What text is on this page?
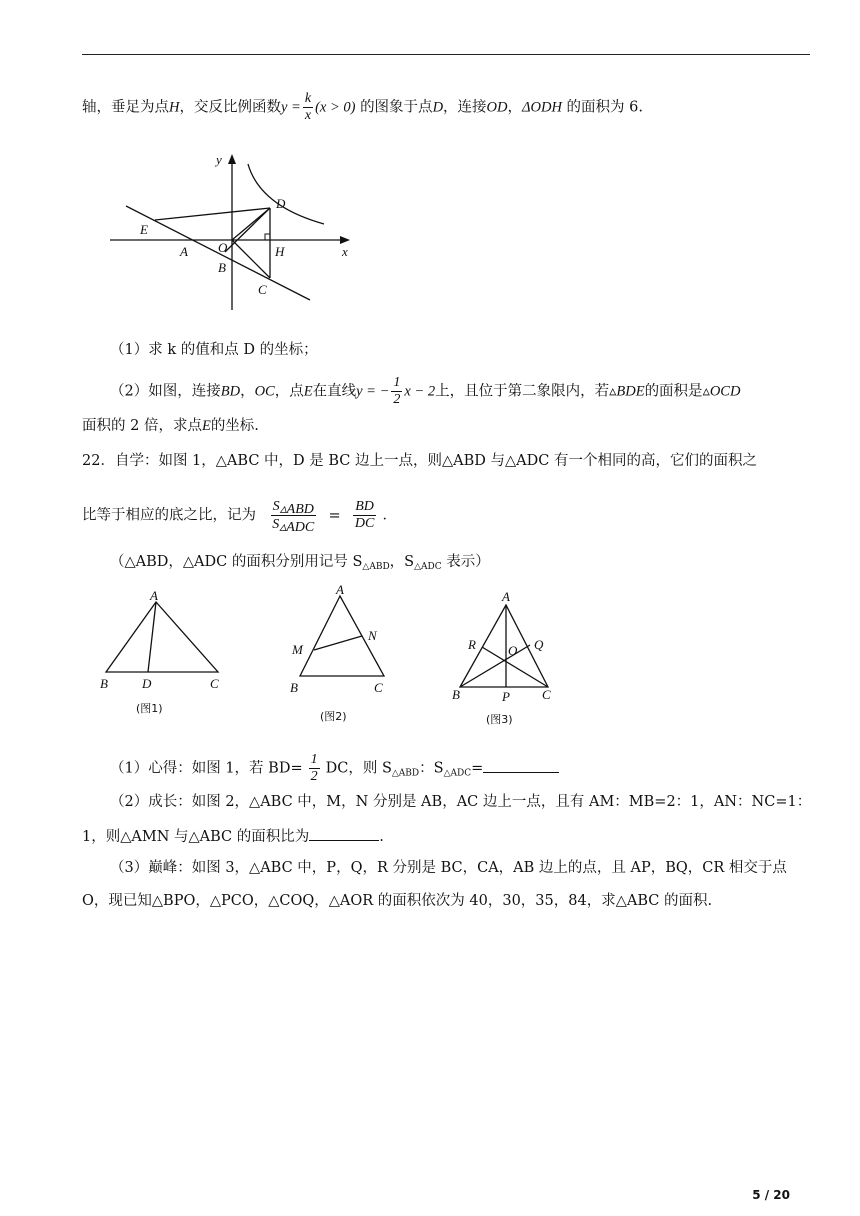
轴，垂足为点H，交反比例函数$y = \frac{k}{x} (x > 0)$ 的图象于点D，连接OD，ΔODH 的面积为 6.
y
x
D
E
A O	H
B
C
（1）求 k 的值和点 D 的坐标；
（2）如图，连接BD，OC，点E在直线y = − $\frac{1}{2}$ x − 2上，且位于第二象限内，若▵BDE的面积是▵OCD
面积的 2 倍，求点E的坐标.
22．自学：如图 1，△ABC 中，D 是 BC 边上一点，则△ABD 与△ADC 有一个相同的高，它们的面积之
比等于相应的底之比，记为 $\frac{\text{S▵ABD}}{\text{S▵ADC}} = \frac{BD}{DC}$ ．
（△ABD，△ADC 的面积分别用记号 $S_{\triangle ABD}$，$S_{\triangle ADC}$ 表示）
A
B	D	C
(图1)
A
M
N
B	C
(图2)
A
R	Q
O
B	P C
(图3)
（1）心得：如图 1，若 $BD= \frac{1}{2}$ DC，则 $S_{\triangle ABD}$：$S_{\triangle ADC}=$
（2）成长：如图 2，△ABC 中，M，N 分别是 AB，AC 边上一点，且有 AM：MB=2：1，AN：NC=1：
1，则△AMN 与△ABC 的面积比为	.
（3）巅峰：如图 3，△ABC 中，P，Q，R 分别是 BC，CA，AB 边上的点，且 AP，BQ，CR 相交于点
O，现已知△BPO，△PCO，△COQ，△AOR 的面积依次为 40，30，35，84，求△ABC 的面积.
5 / 20
